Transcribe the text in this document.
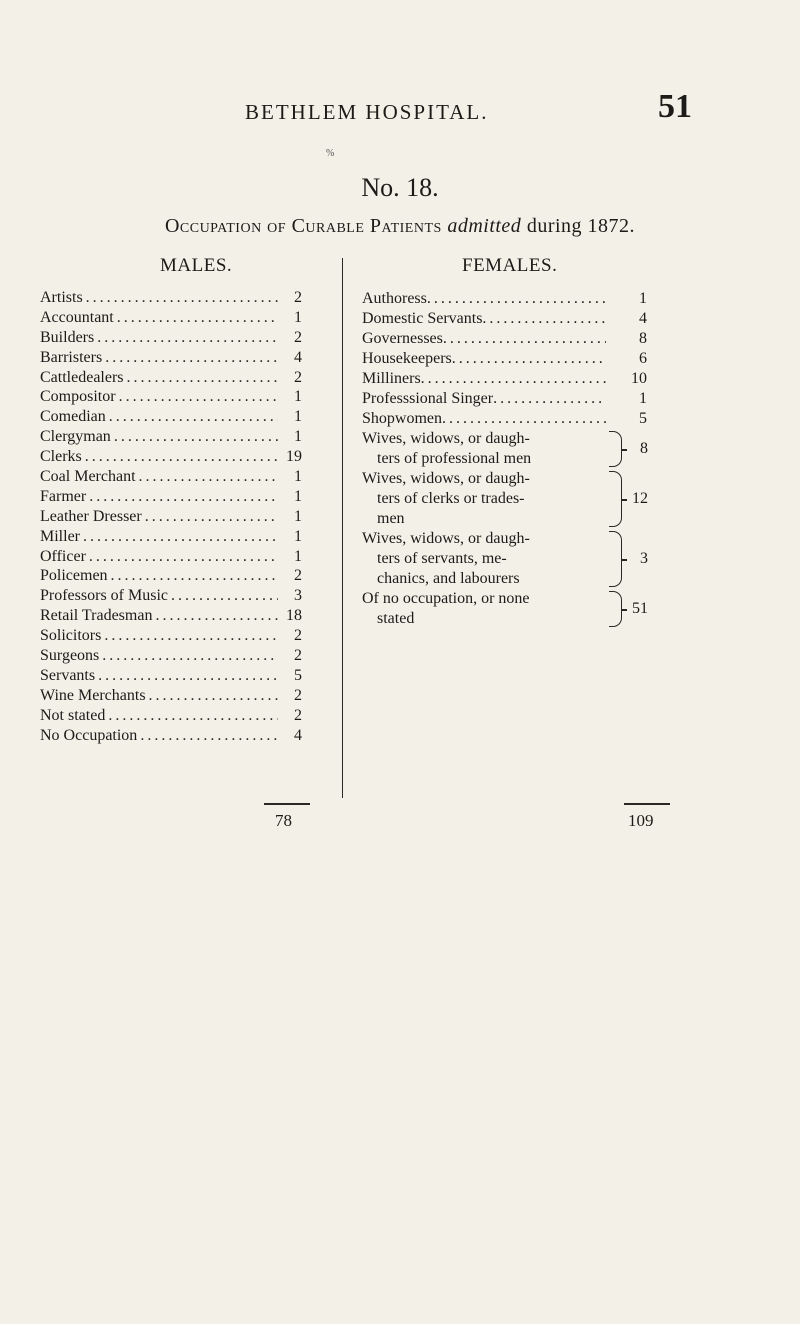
%
BETHLEM HOSPITAL.	51
No. 18.
Occupation of Curable Patients admitted during 1872.
MALES.	FEMALES.
Artists .....	2
Accountant .....	1
Builders .....	2
Barristers .....	4
Cattledealers .....	2
Compositor .....	1
Comedian .....	1
Clergyman .....	1
Clerks .....	19
Coal Merchant .....	1
Farmer .....	1
Leather Dresser .....	1
Miller .....	1
Officer .....	1
Policemen .....	2
Professors of Music .....	3
Retail Tradesman .....	18
Solicitors .....	2
Surgeons .....	2
Servants .....	5
Wine Merchants .....	2
Not stated .....	2
No Occupation .....	4
Authoress .....	1
Domestic Servants .....	4
Governesses .....	8
Housekeepers .....	6
Milliners .....	10
Professsional Singer .....	1
Shopwomen .....	5
Wives, widows, or daugh-
ters of professional men
8
Wives, widows, or daugh-
ters of clerks or trades-
men
12
Wives, widows, or daugh-
ters of servants, me-
chanics, and labourers
3
Of no occupation, or none
stated
51
78	109
